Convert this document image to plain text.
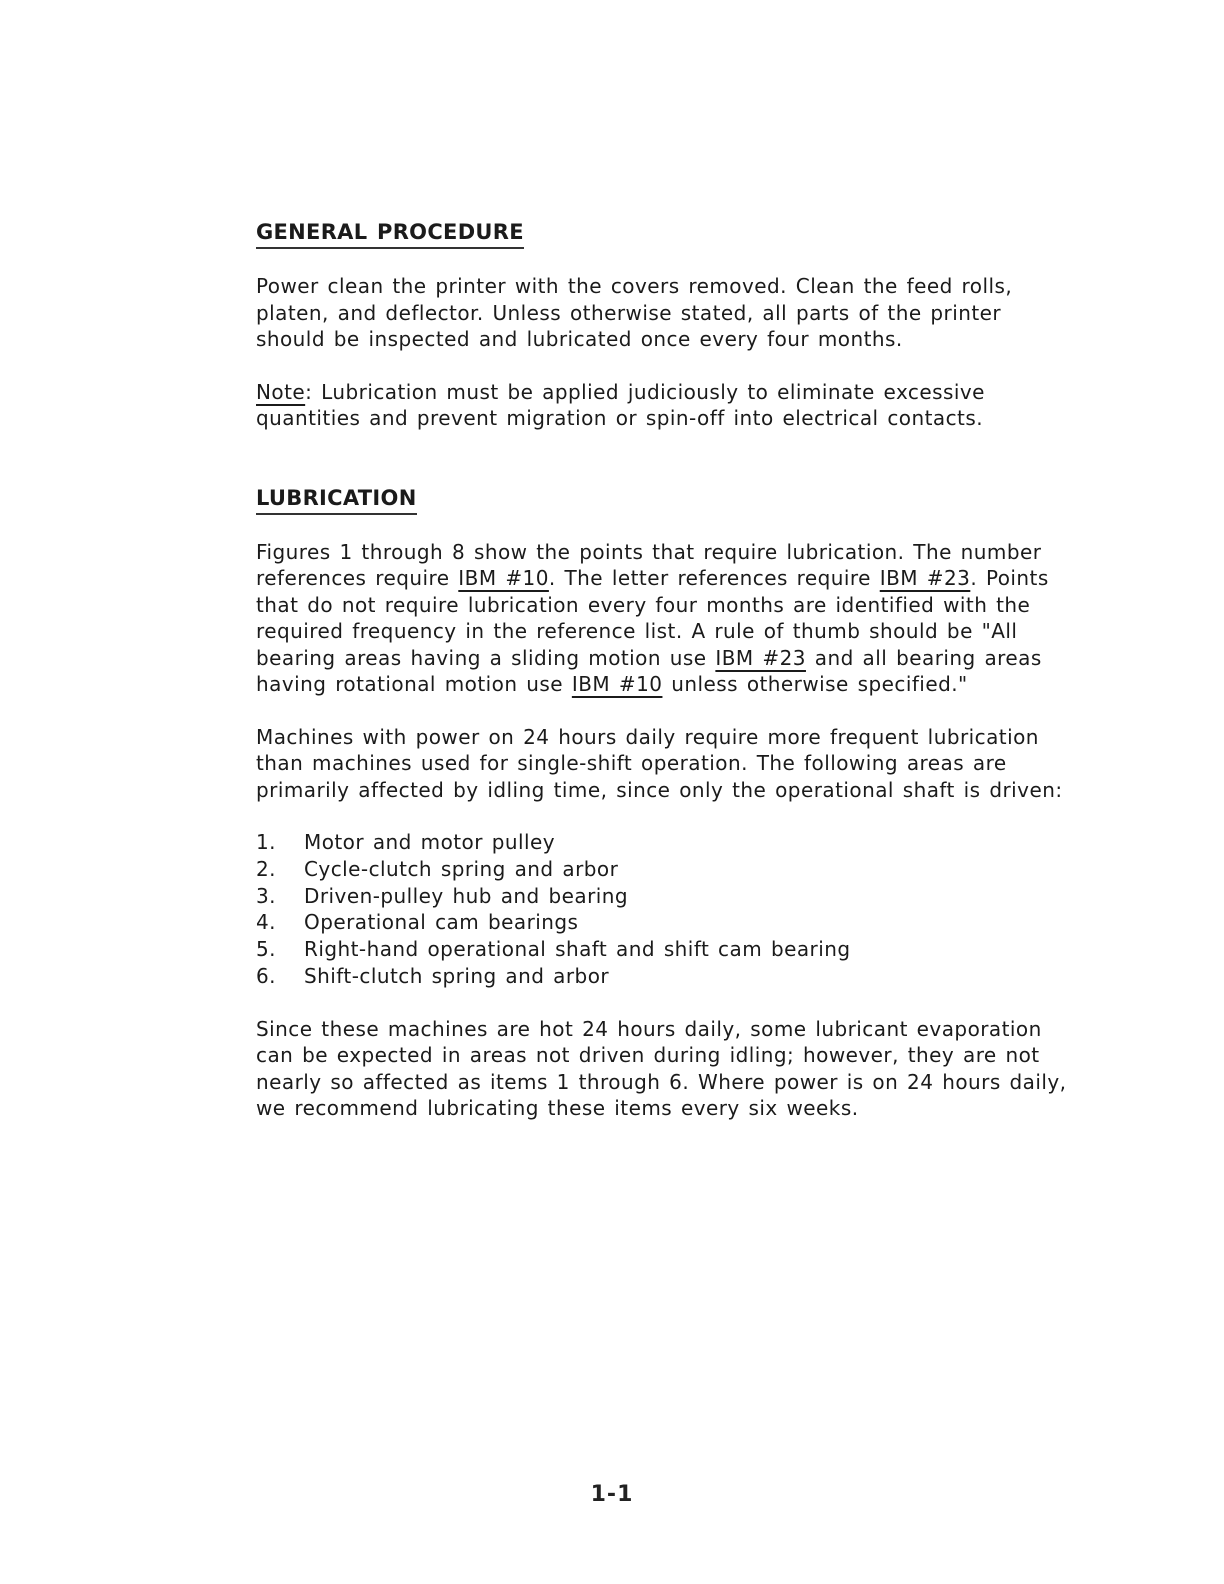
GENERAL PROCEDURE

Power clean the printer with the covers removed. Clean the feed rolls,
platen, and deflector. Unless otherwise stated, all parts of the printer
should be inspected and lubricated once every four months.

Note: Lubrication must be applied judiciously to eliminate excessive
quantities and prevent migration or spin-off into electrical contacts.

LUBRICATION

Figures 1 through 8 show the points that require lubrication. The number
references require IBM #10. The letter references require IBM #23. Points
that do not require lubrication every four months are identified with the
required frequency in the reference list. A rule of thumb should be "All
bearing areas having a sliding motion use IBM #23 and all bearing areas
having rotational motion use IBM #10 unless otherwise specified."

Machines with power on 24 hours daily require more frequent lubrication
than machines used for single-shift operation. The following areas are
primarily affected by idling time, since only the operational shaft is driven:

1.	Motor and motor pulley
2.	Cycle-clutch spring and arbor
3.	Driven-pulley hub and bearing
4.	Operational cam bearings
5.	Right-hand operational shaft and shift cam bearing
6.	Shift-clutch spring and arbor

Since these machines are hot 24 hours daily, some lubricant evaporation
can be expected in areas not driven during idling; however, they are not
nearly so affected as items 1 through 6. Where power is on 24 hours daily,
we recommend lubricating these items every six weeks.

1-1
